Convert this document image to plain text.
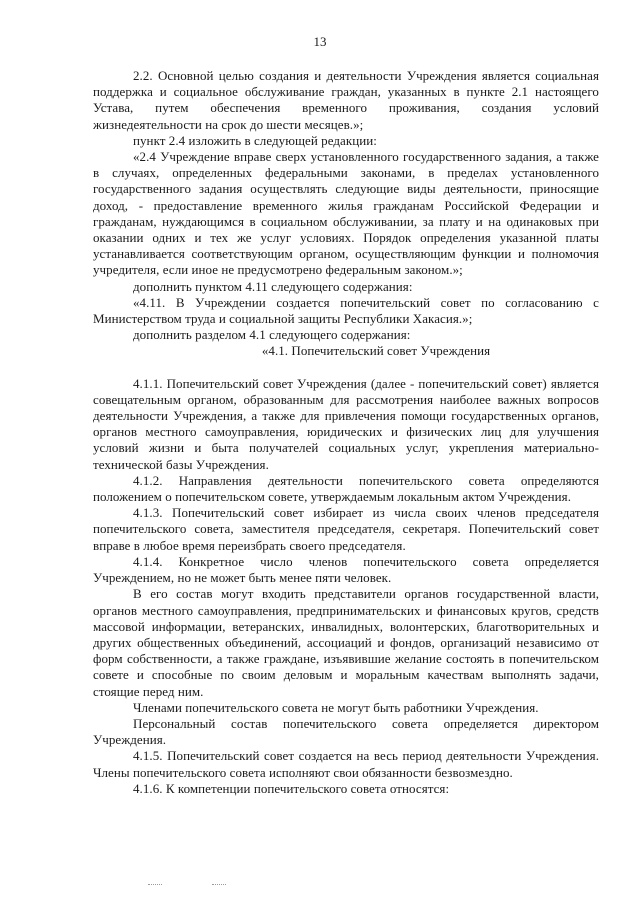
13

2.2. Основной целью создания и деятельности Учреждения является социальная поддержка и социальное обслуживание граждан, указанных в пункте 2.1 настоящего Устава, путем обеспечения временного проживания, создания условий жизнедеятельности на срок до шести месяцев.»;

пункт 2.4 изложить в следующей редакции:

«2.4 Учреждение вправе сверх установленного государственного задания, а также в случаях, определенных федеральными законами, в пределах установленного государственного задания осуществлять следующие виды деятельности, приносящие доход, - предоставление временного жилья гражданам Российской Федерации и гражданам, нуждающимся в социальном обслуживании, за плату и на одинаковых при оказании одних и тех же услуг условиях. Порядок определения указанной платы устанавливается соответствующим органом, осуществляющим функции и полномочия учредителя, если иное не предусмотрено федеральным законом.»;

дополнить пунктом 4.11 следующего содержания:

«4.11. В Учреждении создается попечительский совет по согласованию с Министерством труда и социальной защиты Республики Хакасия.»;

дополнить разделом 4.1 следующего содержания:

«4.1. Попечительский совет Учреждения

4.1.1. Попечительский совет Учреждения (далее - попечительский совет) является совещательным органом, образованным для рассмотрения наиболее важных вопросов деятельности Учреждения, а также для привлечения помощи государственных органов, органов местного самоуправления, юридических и физических лиц для улучшения условий жизни и быта получателей социальных услуг, укрепления материально-технической базы Учреждения.

4.1.2. Направления деятельности попечительского совета определяются положением о попечительском совете, утверждаемым локальным актом Учреждения.

4.1.3. Попечительский совет избирает из числа своих членов председателя попечительского совета, заместителя председателя, секретаря. Попечительский совет вправе в любое время переизбрать своего председателя.

4.1.4. Конкретное число членов попечительского совета определяется Учреждением, но не может быть менее пяти человек.

В его состав могут входить представители органов государственной власти, органов местного самоуправления, предпринимательских и финансовых кругов, средств массовой информации, ветеранских, инвалидных, волонтерских, благотворительных и других общественных объединений, ассоциаций и фондов, организаций независимо от форм собственности, а также граждане, изъявившие желание состоять в попечительском совете и способные по своим деловым и моральным качествам выполнять задачи, стоящие перед ним.

Членами попечительского совета не могут быть работники Учреждения.

Персональный состав попечительского совета определяется директором Учреждения.

4.1.5. Попечительский совет создается на весь период деятельности Учреждения. Члены попечительского совета исполняют свои обязанности безвозмездно.

4.1.6. К компетенции попечительского совета относятся:
